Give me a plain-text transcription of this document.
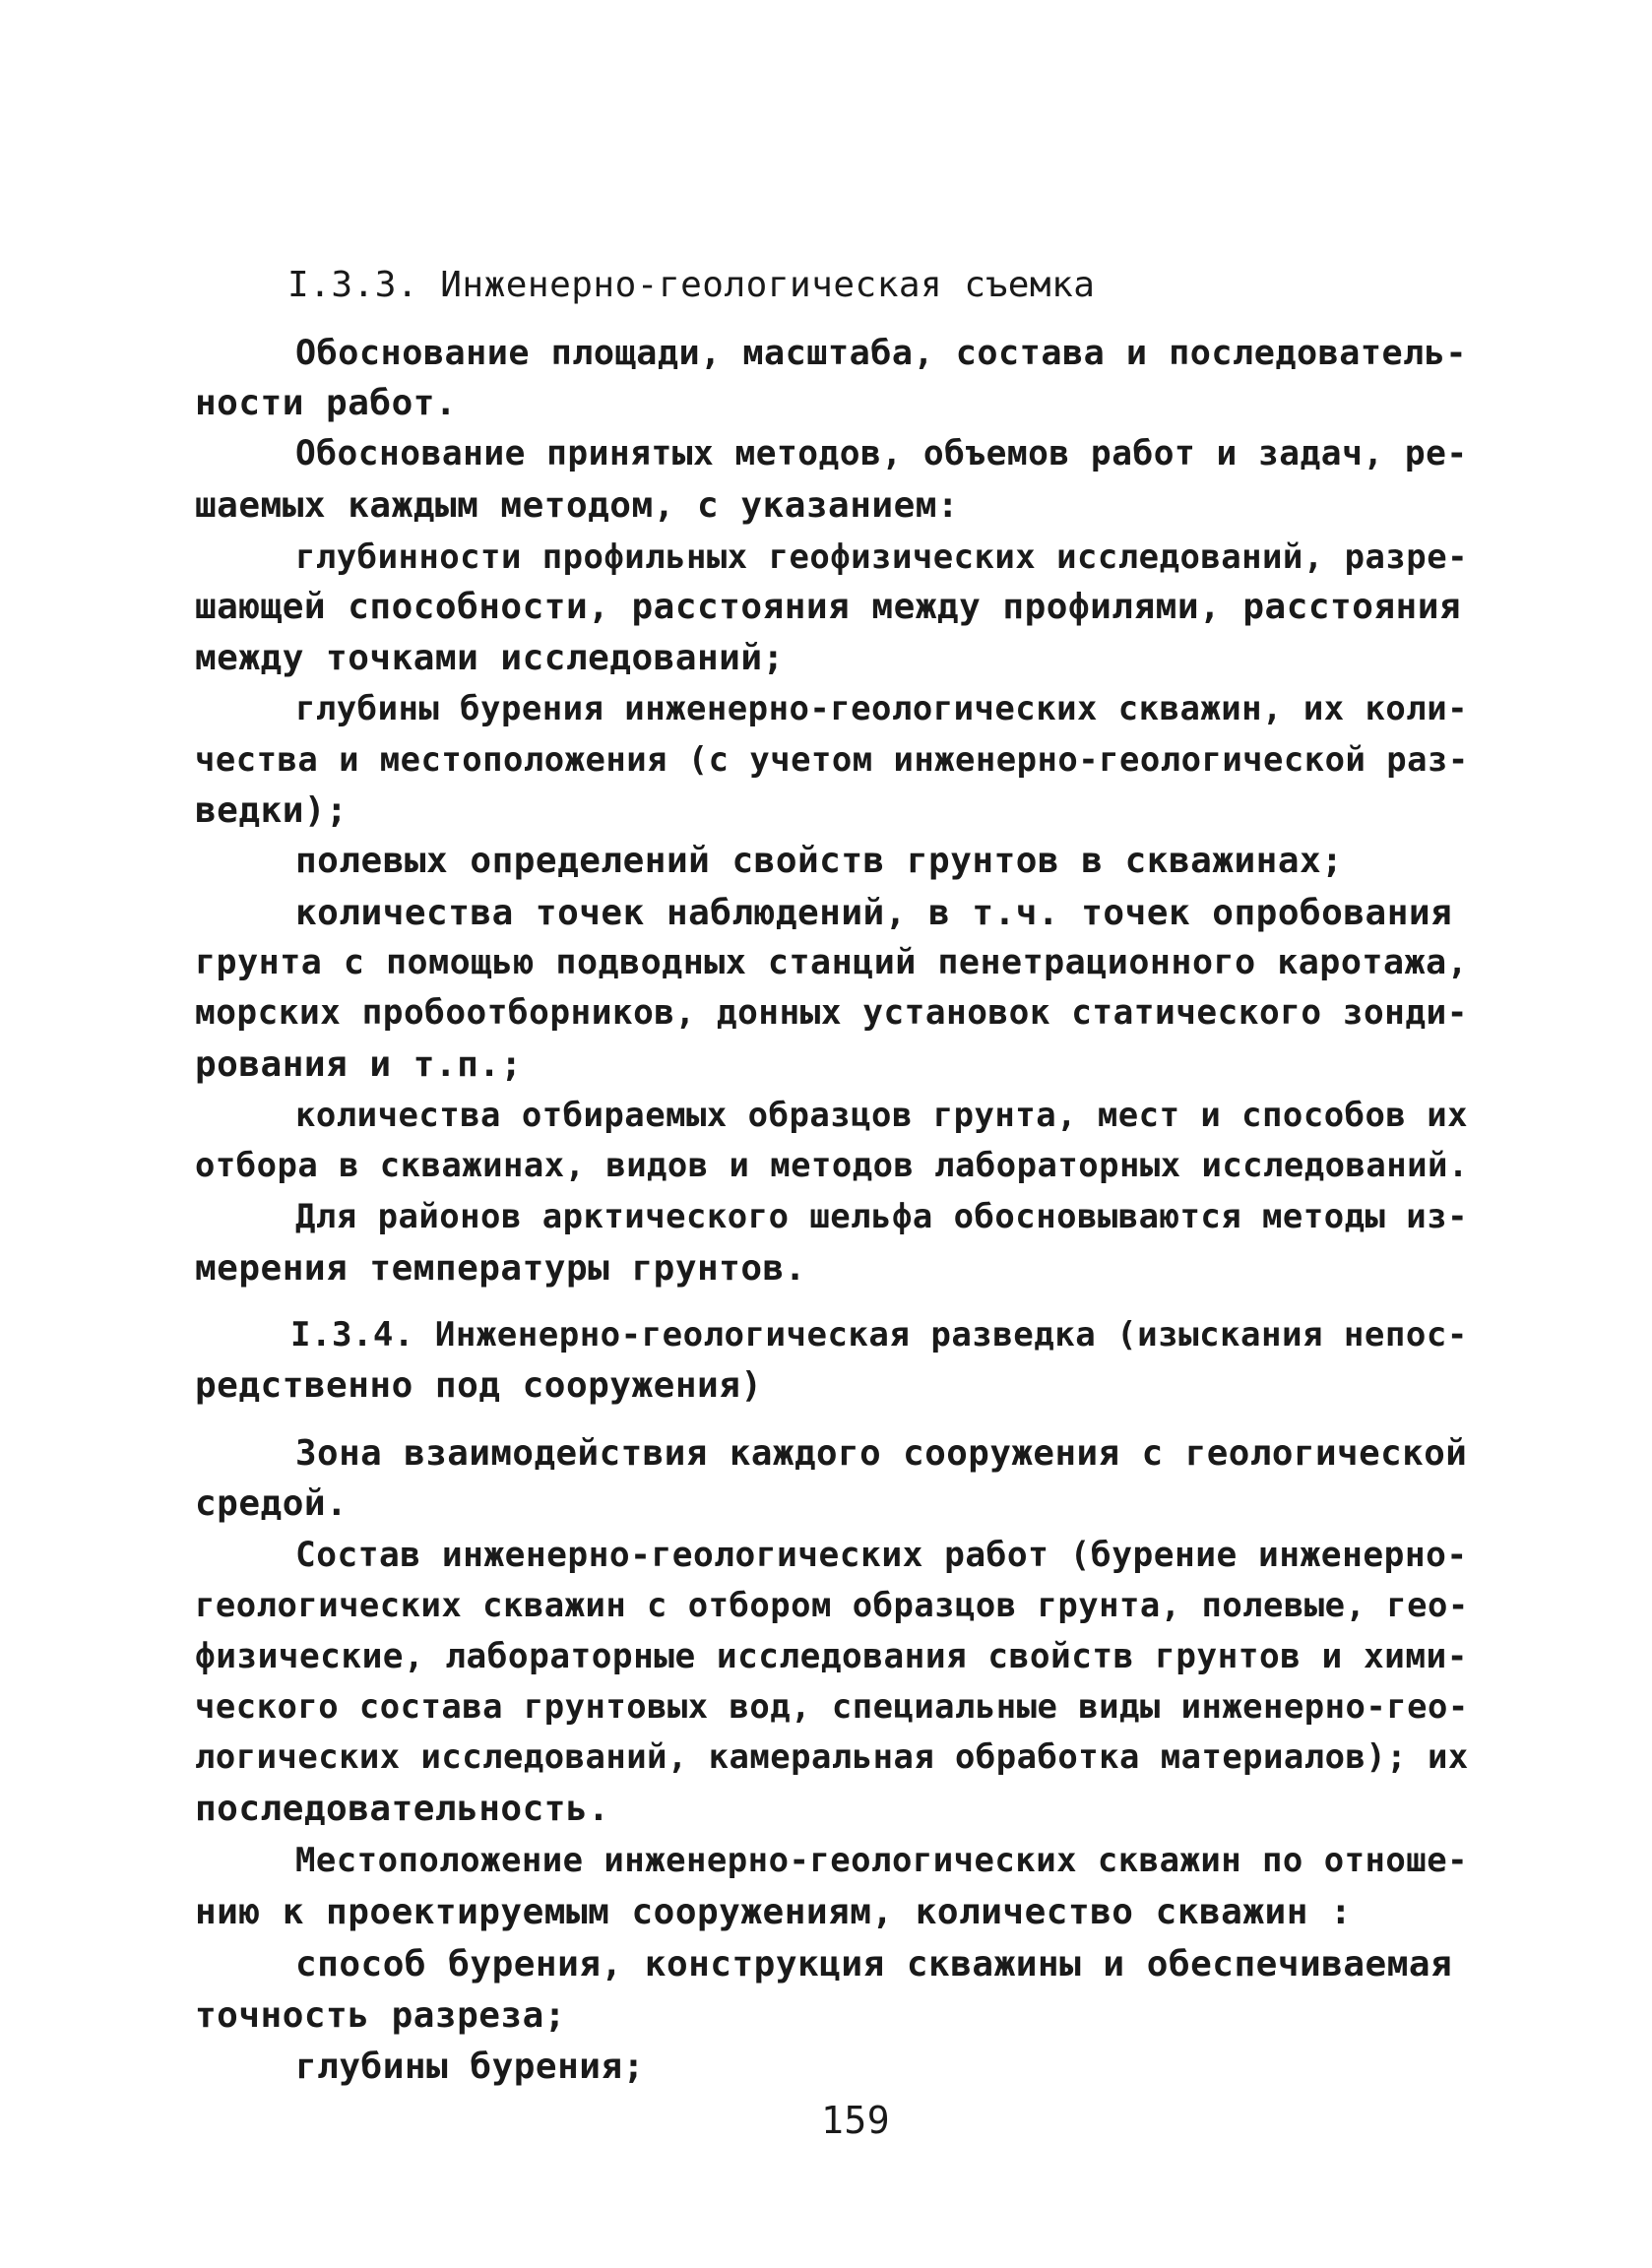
I.3.3. Инженерно-геологическая съемка
Обоснование площади, масштаба, состава и последователь-
ности работ.
Обоснование принятых методов, объемов работ и задач, ре-
шаемых каждым методом, с указанием:
глубинности профильных геофизических исследований, разре-
шающей способности, расстояния между профилями, расстояния
между точками исследований;
глубины бурения инженерно-геологических скважин, их коли-
чества и местоположения (с учетом инженерно-геологической раз-
ведки);
полевых определений свойств грунтов в скважинах;
количества точек наблюдений, в т.ч. точек опробования
грунта с помощью подводных станций пенетрационного каротажа,
морских пробоотборников, донных установок статического зонди-
рования и т.п.;
количества отбираемых образцов грунта, мест и способов их
отбора в скважинах, видов и методов лабораторных исследований.
Для районов арктического шельфа обосновываются методы из-
мерения температуры грунтов.
I.3.4. Инженерно-геологическая разведка (изыскания непос-
редственно под сооружения)
Зона взаимодействия каждого сооружения с геологической
средой.
Состав инженерно-геологических работ (бурение инженерно-
геологических скважин с отбором образцов грунта, полевые, гео-
физические, лабораторные исследования свойств грунтов и хими-
ческого состава грунтовых вод, специальные виды инженерно-гео-
логических исследований, камеральная обработка материалов); их
последовательность.
Местоположение инженерно-геологических скважин по отноше-
нию к проектируемым сооружениям, количество скважин :
способ бурения, конструкция скважины и обеспечиваемая
точность разреза;
глубины бурения;
159
